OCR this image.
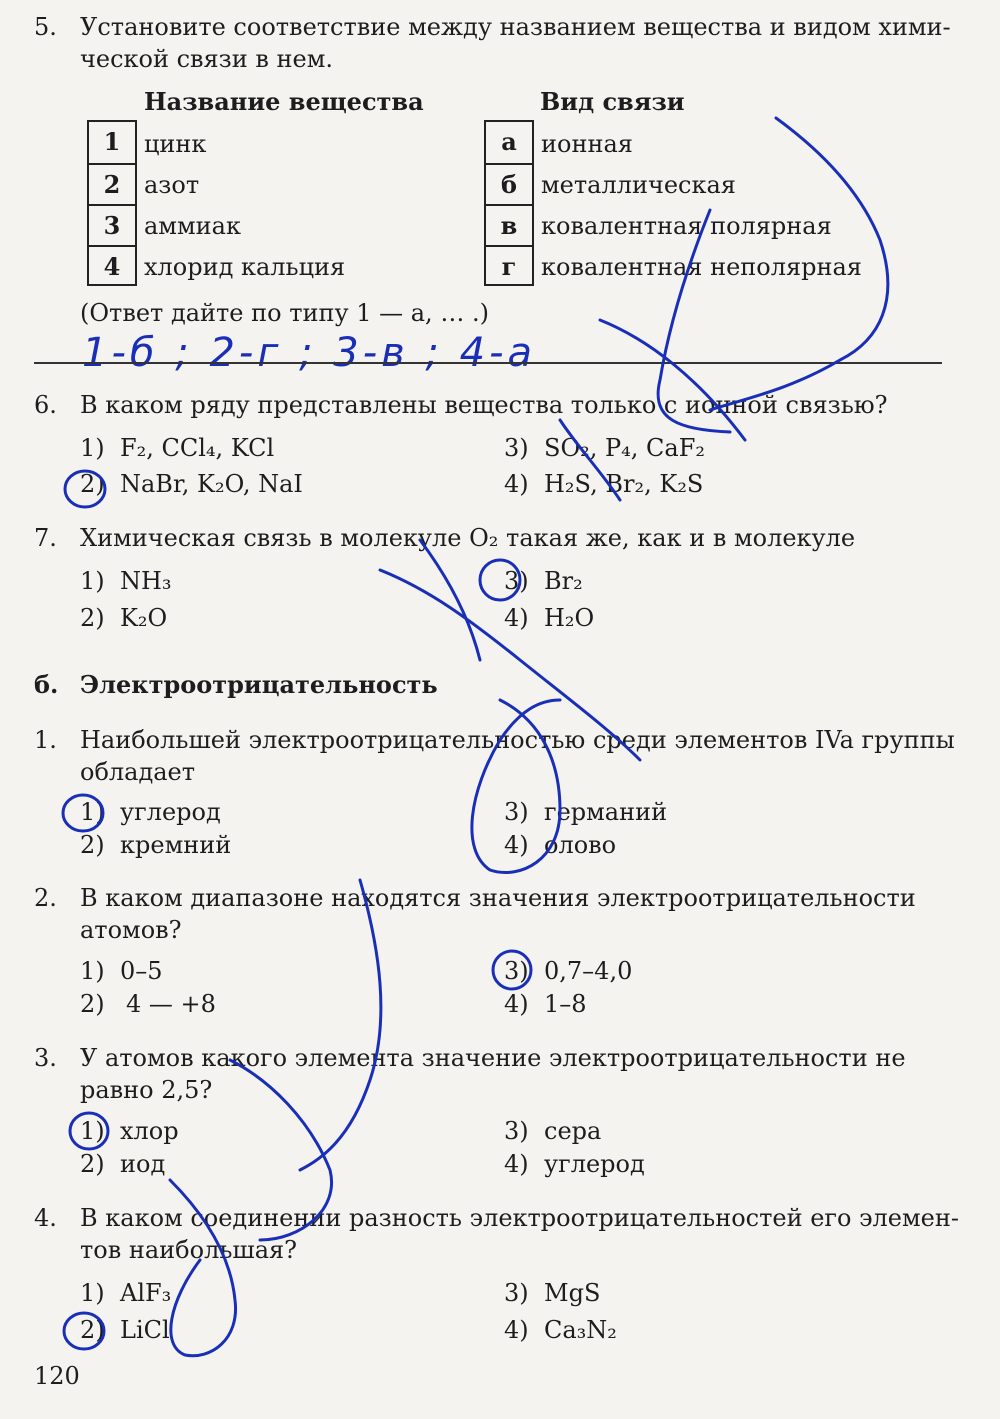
5. Установите соответствие между названием вещества и видом хими-
ческой связи в нем.
Название вещества	Вид связи
1
2
3
4
цинк
азот
аммиак
хлорид кальция
а
б
в
г
ионная
металлическая
ковалентная полярная
ковалентная неполярная
(Ответ дайте по типу 1 — а, … .)
1-б ; 2-г ; 3-в ; 4-а
6. В каком ряду представлены вещества только с ионной связью?
1) F₂, CCl₄, KCl
2) NaBr, K₂O, NaI
3) SO₂, P₄, CaF₂
4) H₂S, Br₂, K₂S
7. Химическая связь в молекуле O₂ такая же, как и в молекуле
1) NH₃
2) K₂O
3) Br₂
4) H₂O
б. Электроотрицательность
1. Наибольшей электроотрицательностью среди элементов IVa группы
обладает
1) углерод
2) кремний
3) германий
4) олово
2. В каком диапазоне находятся значения электроотрицательности
атомов?
1) 0–5
2) 4 — +8
3) 0,7–4,0
4) 1–8
3. У атомов какого элемента значение электроотрицательности не
равно 2,5?
1) хлор
2) иод
3) сера
4) углерод
4. В каком соединении разность электроотрицательностей его элемен-
тов наибольшая?
1) AlF₃
2) LiCl
3) MgS
4) Ca₃N₂
120
